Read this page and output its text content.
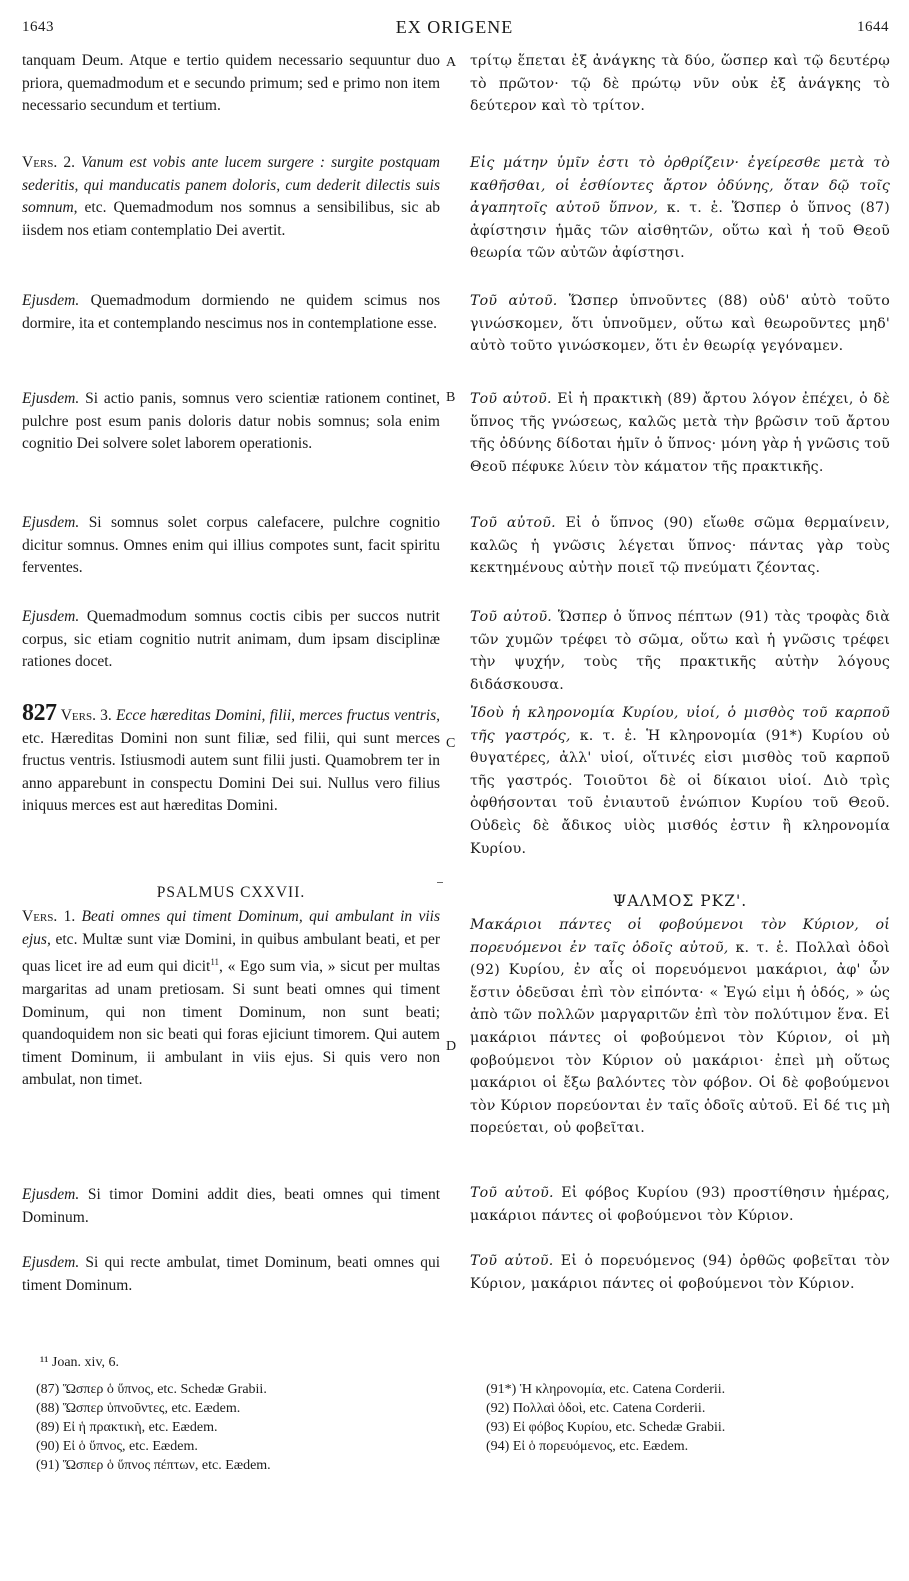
1643	EX ORIGENE	1644
A
B
C
D
tanquam Deum. Atque e tertio quidem necessario sequuntur duo priora, quemadmodum et e secundo primum; sed e primo non item necessario secundum et tertium.
Vers. 2. Vanum est vobis ante lucem surgere : surgite postquam sederitis, qui manducatis panem doloris, cum dederit dilectis suis somnum, etc. Quemadmodum nos somnus a sensibilibus, sic ab iisdem nos etiam contemplatio Dei avertit.
Ejusdem. Quemadmodum dormiendo ne quidem scimus nos dormire, ita et contemplando nescimus nos in contemplatione esse.
Ejusdem. Si actio panis, somnus vero scientiæ rationem continet, pulchre post esum panis doloris datur nobis somnus; sola enim cognitio Dei solvere solet laborem operationis.
Ejusdem. Si somnus solet corpus calefacere, pulchre cognitio dicitur somnus. Omnes enim qui illius compotes sunt, facit spiritu ferventes.
Ejusdem. Quemadmodum somnus coctis cibis per succos nutrit corpus, sic etiam cognitio nutrit animam, dum ipsam disciplinæ rationes docet.
827 Vers. 3. Ecce hæreditas Domini, filii, merces fructus ventris, etc. Hæreditas Domini non sunt filiæ, sed filii, qui sunt merces fructus ventris. Istiusmodi autem sunt filii justi. Quamobrem ter in anno apparebunt in conspectu Domini Dei sui. Nullus vero filius iniquus merces est aut hæreditas Domini.
PSALMUS CXXVII.
Vers. 1. Beati omnes qui timent Dominum, qui ambulant in viis ejus, etc. Multæ sunt viæ Domini, in quibus ambulant beati, et per quas licet ire ad eum qui dicit$^{11}$, « Ego sum via, » sicut per multas margaritas ad unam pretiosam. Si sunt beati omnes qui timent Dominum, qui non timent Dominum, non sunt beati; quandoquidem non sic beati qui foras ejiciunt timorem. Qui autem timent Dominum, ii ambulant in viis ejus. Si quis vero non ambulat, non timet.
Ejusdem. Si timor Domini addit dies, beati omnes qui timent Dominum.
Ejusdem. Si qui recte ambulat, timet Dominum, beati omnes qui timent Dominum.
τρίτῳ ἕπεται ἐξ ἀνάγκης τὰ δύο, ὥσπερ καὶ τῷ δευτέρῳ τὸ πρῶτον· τῷ δὲ πρώτῳ νῦν οὐκ ἐξ ἀνάγκης τὸ δεύτερον καὶ τὸ τρίτον.
Εἰς μάτην ὑμῖν ἐστι τὸ ὀρθρίζειν· ἐγείρεσθε μετὰ τὸ καθῆσθαι, οἱ ἐσθίοντες ἄρτον ὀδύνης, ὅταν δῷ τοῖς ἀγαπητοῖς αὐτοῦ ὕπνον, κ. τ. ἑ. Ὥσπερ ὁ ὕπνος (87) ἀφίστησιν ἡμᾶς τῶν αἰσθητῶν, οὕτω καὶ ἡ τοῦ Θεοῦ θεωρία τῶν αὐτῶν ἀφίστησι.
Τοῦ αὐτοῦ. Ὥσπερ ὑπνοῦντες (88) οὐδ' αὐτὸ τοῦτο γινώσκομεν, ὅτι ὑπνοῦμεν, οὕτω καὶ θεωροῦντες μηδ' αὐτὸ τοῦτο γινώσκομεν, ὅτι ἐν θεωρίᾳ γεγόναμεν.
Τοῦ αὐτοῦ. Εἰ ἡ πρακτικὴ (89) ἄρτου λόγον ἐπέχει, ὁ δὲ ὕπνος τῆς γνώσεως, καλῶς μετὰ τὴν βρῶσιν τοῦ ἄρτου τῆς ὀδύνης δίδοται ἡμῖν ὁ ὕπνος· μόνη γὰρ ἡ γνῶσις τοῦ Θεοῦ πέφυκε λύειν τὸν κάματον τῆς πρακτικῆς.
Τοῦ αὐτοῦ. Εἰ ὁ ὕπνος (90) εἴωθε σῶμα θερμαίνειν, καλῶς ἡ γνῶσις λέγεται ὕπνος· πάντας γὰρ τοὺς κεκτημένους αὐτὴν ποιεῖ τῷ πνεύματι ζέοντας.
Τοῦ αὐτοῦ. Ὥσπερ ὁ ὕπνος πέπτων (91) τὰς τροφὰς διὰ τῶν χυμῶν τρέφει τὸ σῶμα, οὕτω καὶ ἡ γνῶσις τρέφει τὴν ψυχήν, τοὺς τῆς πρακτικῆς αὐτὴν λόγους διδάσκουσα.
Ἰδοὺ ἡ κληρονομία Κυρίου, υἱοί, ὁ μισθὸς τοῦ καρποῦ τῆς γαστρός, κ. τ. ἑ. Ἡ κληρονομία (91*) Κυρίου οὐ θυγατέρες, ἀλλ' υἱοί, οἵτινές εἰσι μισθὸς τοῦ καρποῦ τῆς γαστρός. Τοιοῦτοι δὲ οἱ δίκαιοι υἱοί. Διὸ τρὶς ὀφθήσονται τοῦ ἐνιαυτοῦ ἐνώπιον Κυρίου τοῦ Θεοῦ. Οὐδεὶς δὲ ἄδικος υἱὸς μισθός ἐστιν ἢ κληρονομία Κυρίου.
ΨΑΛΜΟΣ ΡΚΖ'.
Μακάριοι πάντες οἱ φοβούμενοι τὸν Κύριον, οἱ πορευόμενοι ἐν ταῖς ὁδοῖς αὐτοῦ, κ. τ. ἑ. Πολλαὶ ὁδοὶ (92) Κυρίου, ἐν αἷς οἱ πορευόμενοι μακάριοι, ἀφ' ὧν ἔστιν ὁδεῦσαι ἐπὶ τὸν εἰπόντα· « Ἐγώ εἰμι ἡ ὁδός, » ὡς ἀπὸ τῶν πολλῶν μαργαριτῶν ἐπὶ τὸν πολύτιμον ἕνα. Εἰ μακάριοι πάντες οἱ φοβούμενοι τὸν Κύριον, οἱ μὴ φοβούμενοι τὸν Κύριον οὐ μακάριοι· ἐπεὶ μὴ οὕτως μακάριοι οἱ ἔξω βαλόντες τὸν φόβον. Οἱ δὲ φοβούμενοι τὸν Κύριον πορεύονται ἐν ταῖς ὁδοῖς αὐτοῦ. Εἰ δέ τις μὴ πορεύεται, οὐ φοβεῖται.
Τοῦ αὐτοῦ. Εἰ φόβος Κυρίου (93) προστίθησιν ἡμέρας, μακάριοι πάντες οἱ φοβούμενοι τὸν Κύριον.
Τοῦ αὐτοῦ. Εἰ ὁ πορευόμενος (94) ὀρθῶς φοβεῖται τὸν Κύριον, μακάριοι πάντες οἱ φοβούμενοι τὸν Κύριον.
¹¹ Joan. xiv, 6.
(87) Ὥσπερ ὁ ὕπνος, etc. Schedæ Grabii.
(88) Ὥσπερ ὑπνοῦντες, etc. Eædem.
(89) Εἰ ἡ πρακτικὴ, etc. Eædem.
(90) Εἰ ὁ ὕπνος, etc. Eædem.
(91) Ὥσπερ ὁ ὕπνος πέπτων, etc. Eædem.
(91*) Ἡ κληρονομία, etc. Catena Corderii.
(92) Πολλαὶ ὁδοὶ, etc. Catena Corderii.
(93) Εἰ φόβος Κυρίου, etc. Schedæ Grabii.
(94) Εἰ ὁ πορευόμενος, etc. Eædem.
